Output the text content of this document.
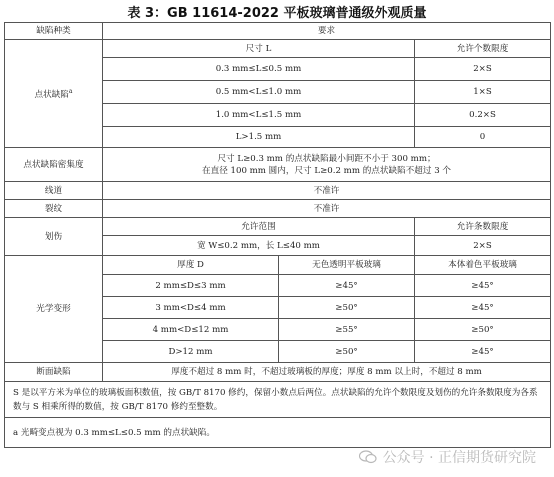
表 3：GB 11614-2022 平板玻璃普通级外观质量
缺陷种类	要求		
点状缺陷$^a$	尺寸 L		允许个数限度
	0.3 mm≤L≤0.5 mm		2×S
	0.5 mm<L≤1.0 mm		1×S
	1.0 mm<L≤1.5 mm		0.2×S
	L>1.5 mm		0
点状缺陷密集度	尺寸 L≥0.3 mm 的点状缺陷最小间距不小于 300 mm；
在直径 100 mm 圆内，尺寸 L≥0.2 mm 的点状缺陷不超过 3 个		

线道	不准许		
裂纹	不准许		
划伤	允许范围		允许条数限度
	宽 W≤0.2 mm，长 L≤40 mm		2×S
光学变形	厚度 D	无色透明平板玻璃	本体着色平板玻璃
	2 mm≤D≤3 mm	≥45°	≥45°
	3 mm<D≤4 mm	≥50°	≥45°
	4 mm<D≤12 mm	≥55°	≥50°
	D>12 mm	≥50°	≥45°
断面缺陷	厚度不超过 8 mm 时，不超过玻璃板的厚度；厚度 8 mm 以上时，不超过 8 mm		
S 是以平方米为单位的玻璃板面积数值，按 GB/T 8170 修约，保留小数点后两位。点状缺陷的允许个数限度及划伤的允许条数限度为各系数与 S 相乘所得的数值，按 GB/T 8170 修约至整数。			
a 光畸变点视为 0.3 mm≤L≤0.5 mm 的点状缺陷。			
公众号 · 正信期货研究院
